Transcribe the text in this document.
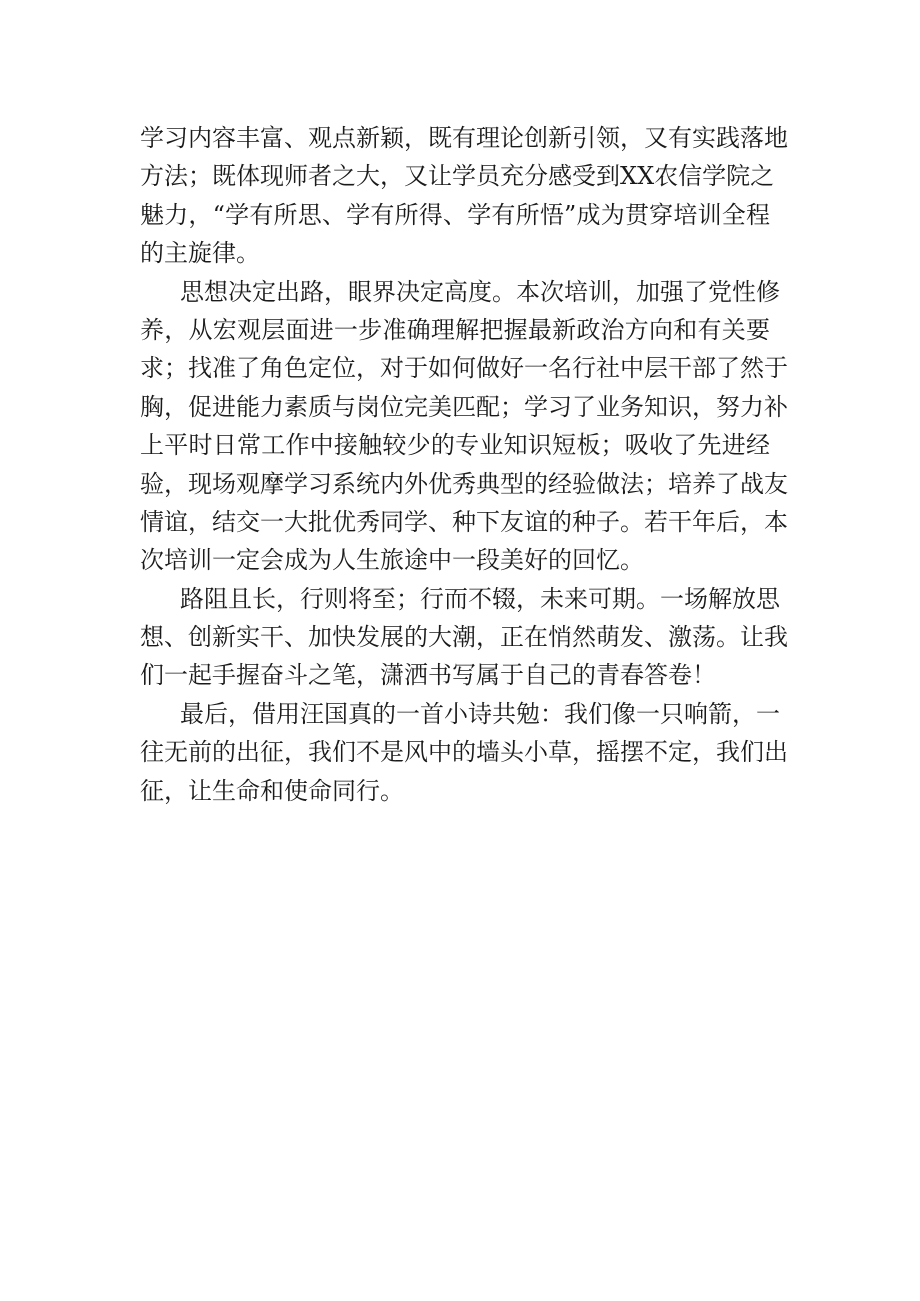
学习内容丰富、观点新颖，既有理论创新引领，又有实践落地
方法；既体现师者之大，又让学员充分感受到XX农信学院之
魅力，“学有所思、学有所得、学有所悟”成为贯穿培训全程
的主旋律。
思想决定出路，眼界决定高度。本次培训，加强了党性修
养，从宏观层面进一步准确理解把握最新政治方向和有关要
求；找准了角色定位，对于如何做好一名行社中层干部了然于
胸，促进能力素质与岗位完美匹配；学习了业务知识，努力补
上平时日常工作中接触较少的专业知识短板；吸收了先进经
验，现场观摩学习系统内外优秀典型的经验做法；培养了战友
情谊，结交一大批优秀同学、种下友谊的种子。若干年后，本
次培训一定会成为人生旅途中一段美好的回忆。
路阻且长，行则将至；行而不辍，未来可期。一场解放思
想、创新实干、加快发展的大潮，正在悄然萌发、激荡。让我
们一起手握奋斗之笔，潇洒书写属于自己的青春答卷！
最后，借用汪国真的一首小诗共勉：我们像一只响箭，一
往无前的出征，我们不是风中的墙头小草，摇摆不定，我们出
征，让生命和使命同行。
